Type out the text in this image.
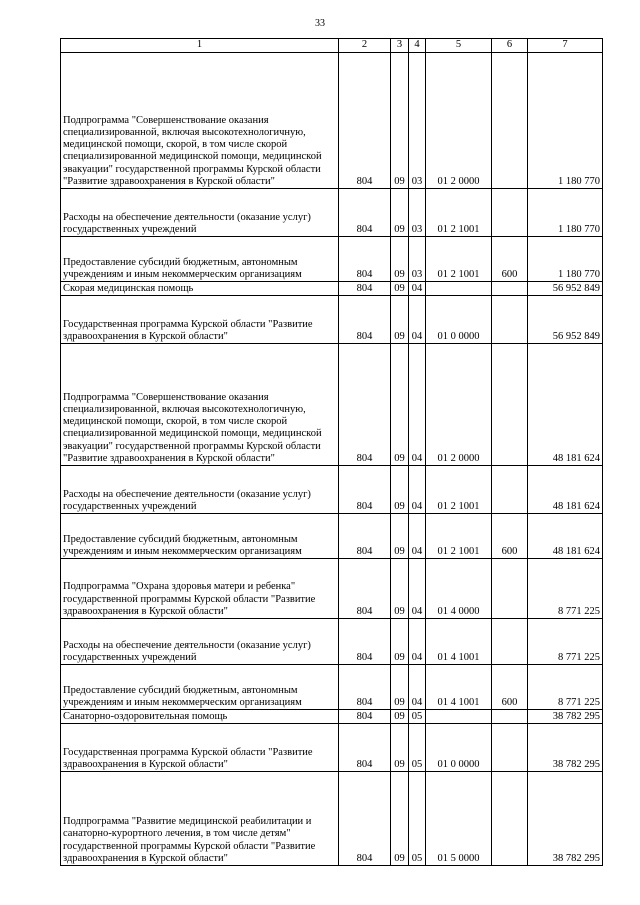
33
1	2	3	4	5	6	7
Подпрограмма "Совершенствование оказания специализированной, включая высокотехнологичную, медицинской помощи, скорой, в том числе скорой специализированной медицинской помощи, медицинской эвакуации" государственной программы Курской области "Развитие здравоохранения в Курской области"	804	09	03	01 2 0000		1 180 770
Расходы на обеспечение деятельности (оказание услуг) государственных учреждений	804	09	03	01 2 1001		1 180 770
Предоставление субсидий бюджетным, автономным учреждениям и иным некоммерческим организациям	804	09	03	01 2 1001	600	1 180 770
Скорая медицинская помощь	804	09	04			56 952 849
Государственная программа Курской области "Развитие здравоохранения в Курской области"	804	09	04	01 0 0000		56 952 849
Подпрограмма "Совершенствование оказания специализированной, включая высокотехнологичную, медицинской помощи, скорой, в том числе скорой специализированной медицинской помощи, медицинской эвакуации" государственной программы Курской области "Развитие здравоохранения в Курской области"	804	09	04	01 2 0000		48 181 624
Расходы на обеспечение деятельности (оказание услуг) государственных учреждений	804	09	04	01 2 1001		48 181 624
Предоставление субсидий бюджетным, автономным учреждениям и иным некоммерческим организациям	804	09	04	01 2 1001	600	48 181 624
Подпрограмма "Охрана здоровья матери и ребенка" государственной программы Курской области "Развитие здравоохранения в Курской области"	804	09	04	01 4 0000		8 771 225
Расходы на обеспечение деятельности (оказание услуг) государственных учреждений	804	09	04	01 4 1001		8 771 225
Предоставление субсидий бюджетным, автономным учреждениям и иным некоммерческим организациям	804	09	04	01 4 1001	600	8 771 225
Санаторно-оздоровительная помощь	804	09	05			38 782 295
Государственная программа Курской области "Развитие здравоохранения в Курской области"	804	09	05	01 0 0000		38 782 295
Подпрограмма "Развитие медицинской реабилитации и санаторно-курортного лечения, в том числе детям" государственной программы Курской области "Развитие здравоохранения в Курской области"	804	09	05	01 5 0000		38 782 295
